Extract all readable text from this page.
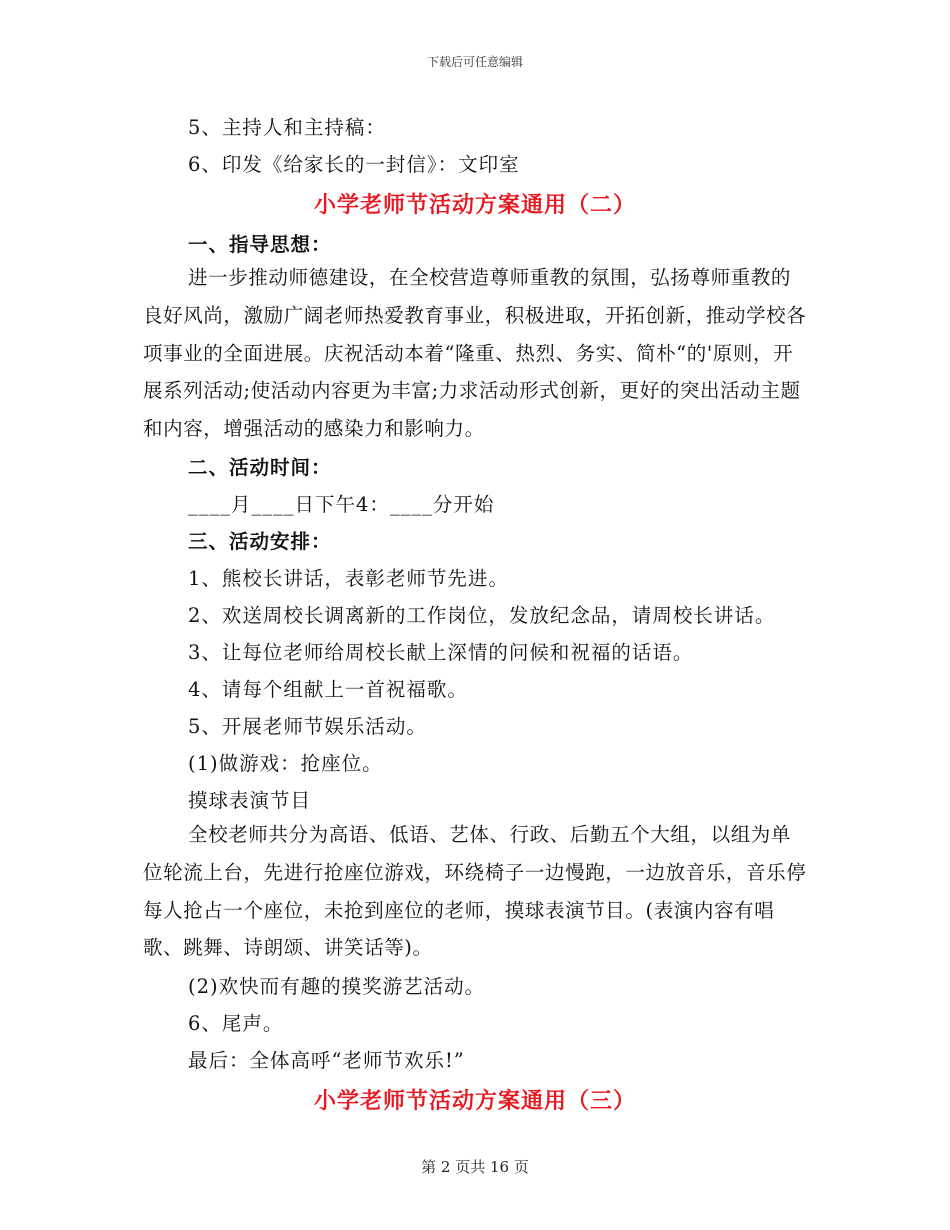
下载后可任意编辑
5、主持人和主持稿：
6、印发《给家长的一封信》：文印室
小学老师节活动方案通用（二）
一、指导思想：
进一步推动师德建设，在全校营造尊师重教的氛围，弘扬尊师重教的良好风尚，激励广阔老师热爱教育事业，积极进取，开拓创新，推动学校各项事业的全面进展。庆祝活动本着“隆重、热烈、务实、简朴“的'原则，开展系列活动;使活动内容更为丰富;力求活动形式创新，更好的突出活动主题和内容，增强活动的感染力和影响力。
二、活动时间：
____月____日下午4：____分开始
三、活动安排：
1、熊校长讲话，表彰老师节先进。
2、欢送周校长调离新的工作岗位，发放纪念品，请周校长讲话。
3、让每位老师给周校长献上深情的问候和祝福的话语。
4、请每个组献上一首祝福歌。
5、开展老师节娱乐活动。
(1)做游戏：抢座位。
摸球表演节目
全校老师共分为高语、低语、艺体、行政、后勤五个大组，以组为单位轮流上台，先进行抢座位游戏，环绕椅子一边慢跑，一边放音乐，音乐停每人抢占一个座位，未抢到座位的老师，摸球表演节目。(表演内容有唱歌、跳舞、诗朗颂、讲笑话等)。
(2)欢快而有趣的摸奖游艺活动。
6、尾声。
最后：全体高呼“老师节欢乐!”
小学老师节活动方案通用（三）
第 2 页共 16 页
